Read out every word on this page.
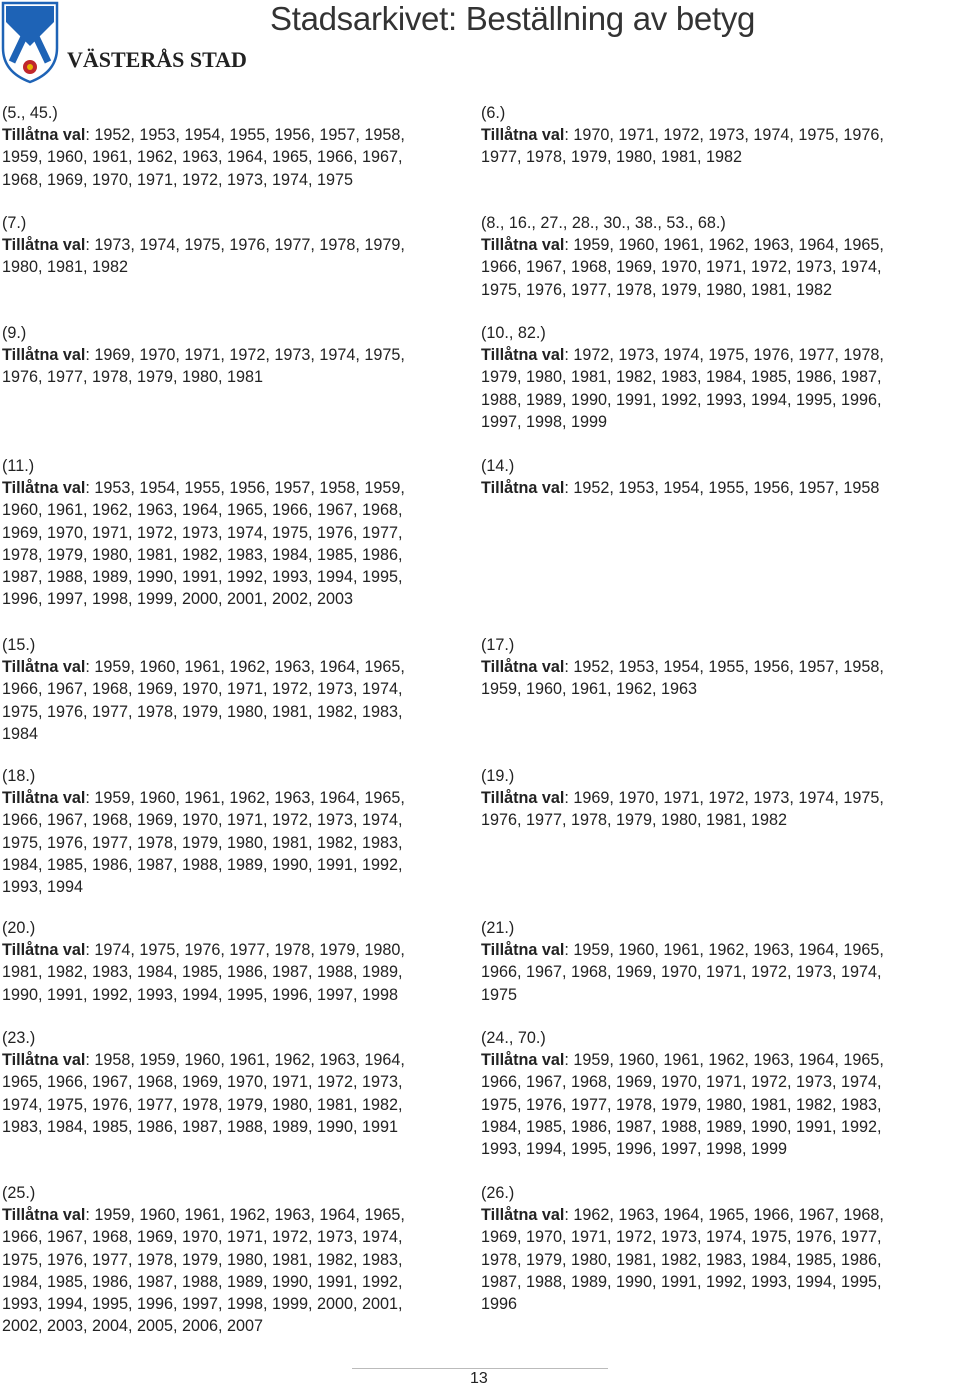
VÄSTERÅS STAD
Stadsarkivet: Beställning av betyg
(5., 45.)
Tillåtna val: 1952, 1953, 1954, 1955, 1956, 1957, 1958,
1959, 1960, 1961, 1962, 1963, 1964, 1965, 1966, 1967,
1968, 1969, 1970, 1971, 1972, 1973, 1974, 1975
(7.)
Tillåtna val: 1973, 1974, 1975, 1976, 1977, 1978, 1979,
1980, 1981, 1982
(9.)
Tillåtna val: 1969, 1970, 1971, 1972, 1973, 1974, 1975,
1976, 1977, 1978, 1979, 1980, 1981
(11.)
Tillåtna val: 1953, 1954, 1955, 1956, 1957, 1958, 1959,
1960, 1961, 1962, 1963, 1964, 1965, 1966, 1967, 1968,
1969, 1970, 1971, 1972, 1973, 1974, 1975, 1976, 1977,
1978, 1979, 1980, 1981, 1982, 1983, 1984, 1985, 1986,
1987, 1988, 1989, 1990, 1991, 1992, 1993, 1994, 1995,
1996, 1997, 1998, 1999, 2000, 2001, 2002, 2003
(15.)
Tillåtna val: 1959, 1960, 1961, 1962, 1963, 1964, 1965,
1966, 1967, 1968, 1969, 1970, 1971, 1972, 1973, 1974,
1975, 1976, 1977, 1978, 1979, 1980, 1981, 1982, 1983,
1984
(18.)
Tillåtna val: 1959, 1960, 1961, 1962, 1963, 1964, 1965,
1966, 1967, 1968, 1969, 1970, 1971, 1972, 1973, 1974,
1975, 1976, 1977, 1978, 1979, 1980, 1981, 1982, 1983,
1984, 1985, 1986, 1987, 1988, 1989, 1990, 1991, 1992,
1993, 1994
(20.)
Tillåtna val: 1974, 1975, 1976, 1977, 1978, 1979, 1980,
1981, 1982, 1983, 1984, 1985, 1986, 1987, 1988, 1989,
1990, 1991, 1992, 1993, 1994, 1995, 1996, 1997, 1998
(23.)
Tillåtna val: 1958, 1959, 1960, 1961, 1962, 1963, 1964,
1965, 1966, 1967, 1968, 1969, 1970, 1971, 1972, 1973,
1974, 1975, 1976, 1977, 1978, 1979, 1980, 1981, 1982,
1983, 1984, 1985, 1986, 1987, 1988, 1989, 1990, 1991
(25.)
Tillåtna val: 1959, 1960, 1961, 1962, 1963, 1964, 1965,
1966, 1967, 1968, 1969, 1970, 1971, 1972, 1973, 1974,
1975, 1976, 1977, 1978, 1979, 1980, 1981, 1982, 1983,
1984, 1985, 1986, 1987, 1988, 1989, 1990, 1991, 1992,
1993, 1994, 1995, 1996, 1997, 1998, 1999, 2000, 2001,
2002, 2003, 2004, 2005, 2006, 2007
(6.)
Tillåtna val: 1970, 1971, 1972, 1973, 1974, 1975, 1976,
1977, 1978, 1979, 1980, 1981, 1982
(8., 16., 27., 28., 30., 38., 53., 68.)
Tillåtna val: 1959, 1960, 1961, 1962, 1963, 1964, 1965,
1966, 1967, 1968, 1969, 1970, 1971, 1972, 1973, 1974,
1975, 1976, 1977, 1978, 1979, 1980, 1981, 1982
(10., 82.)
Tillåtna val: 1972, 1973, 1974, 1975, 1976, 1977, 1978,
1979, 1980, 1981, 1982, 1983, 1984, 1985, 1986, 1987,
1988, 1989, 1990, 1991, 1992, 1993, 1994, 1995, 1996,
1997, 1998, 1999
(14.)
Tillåtna val: 1952, 1953, 1954, 1955, 1956, 1957, 1958
(17.)
Tillåtna val: 1952, 1953, 1954, 1955, 1956, 1957, 1958,
1959, 1960, 1961, 1962, 1963
(19.)
Tillåtna val: 1969, 1970, 1971, 1972, 1973, 1974, 1975,
1976, 1977, 1978, 1979, 1980, 1981, 1982
(21.)
Tillåtna val: 1959, 1960, 1961, 1962, 1963, 1964, 1965,
1966, 1967, 1968, 1969, 1970, 1971, 1972, 1973, 1974,
1975
(24., 70.)
Tillåtna val: 1959, 1960, 1961, 1962, 1963, 1964, 1965,
1966, 1967, 1968, 1969, 1970, 1971, 1972, 1973, 1974,
1975, 1976, 1977, 1978, 1979, 1980, 1981, 1982, 1983,
1984, 1985, 1986, 1987, 1988, 1989, 1990, 1991, 1992,
1993, 1994, 1995, 1996, 1997, 1998, 1999
(26.)
Tillåtna val: 1962, 1963, 1964, 1965, 1966, 1967, 1968,
1969, 1970, 1971, 1972, 1973, 1974, 1975, 1976, 1977,
1978, 1979, 1980, 1981, 1982, 1983, 1984, 1985, 1986,
1987, 1988, 1989, 1990, 1991, 1992, 1993, 1994, 1995,
1996
13
